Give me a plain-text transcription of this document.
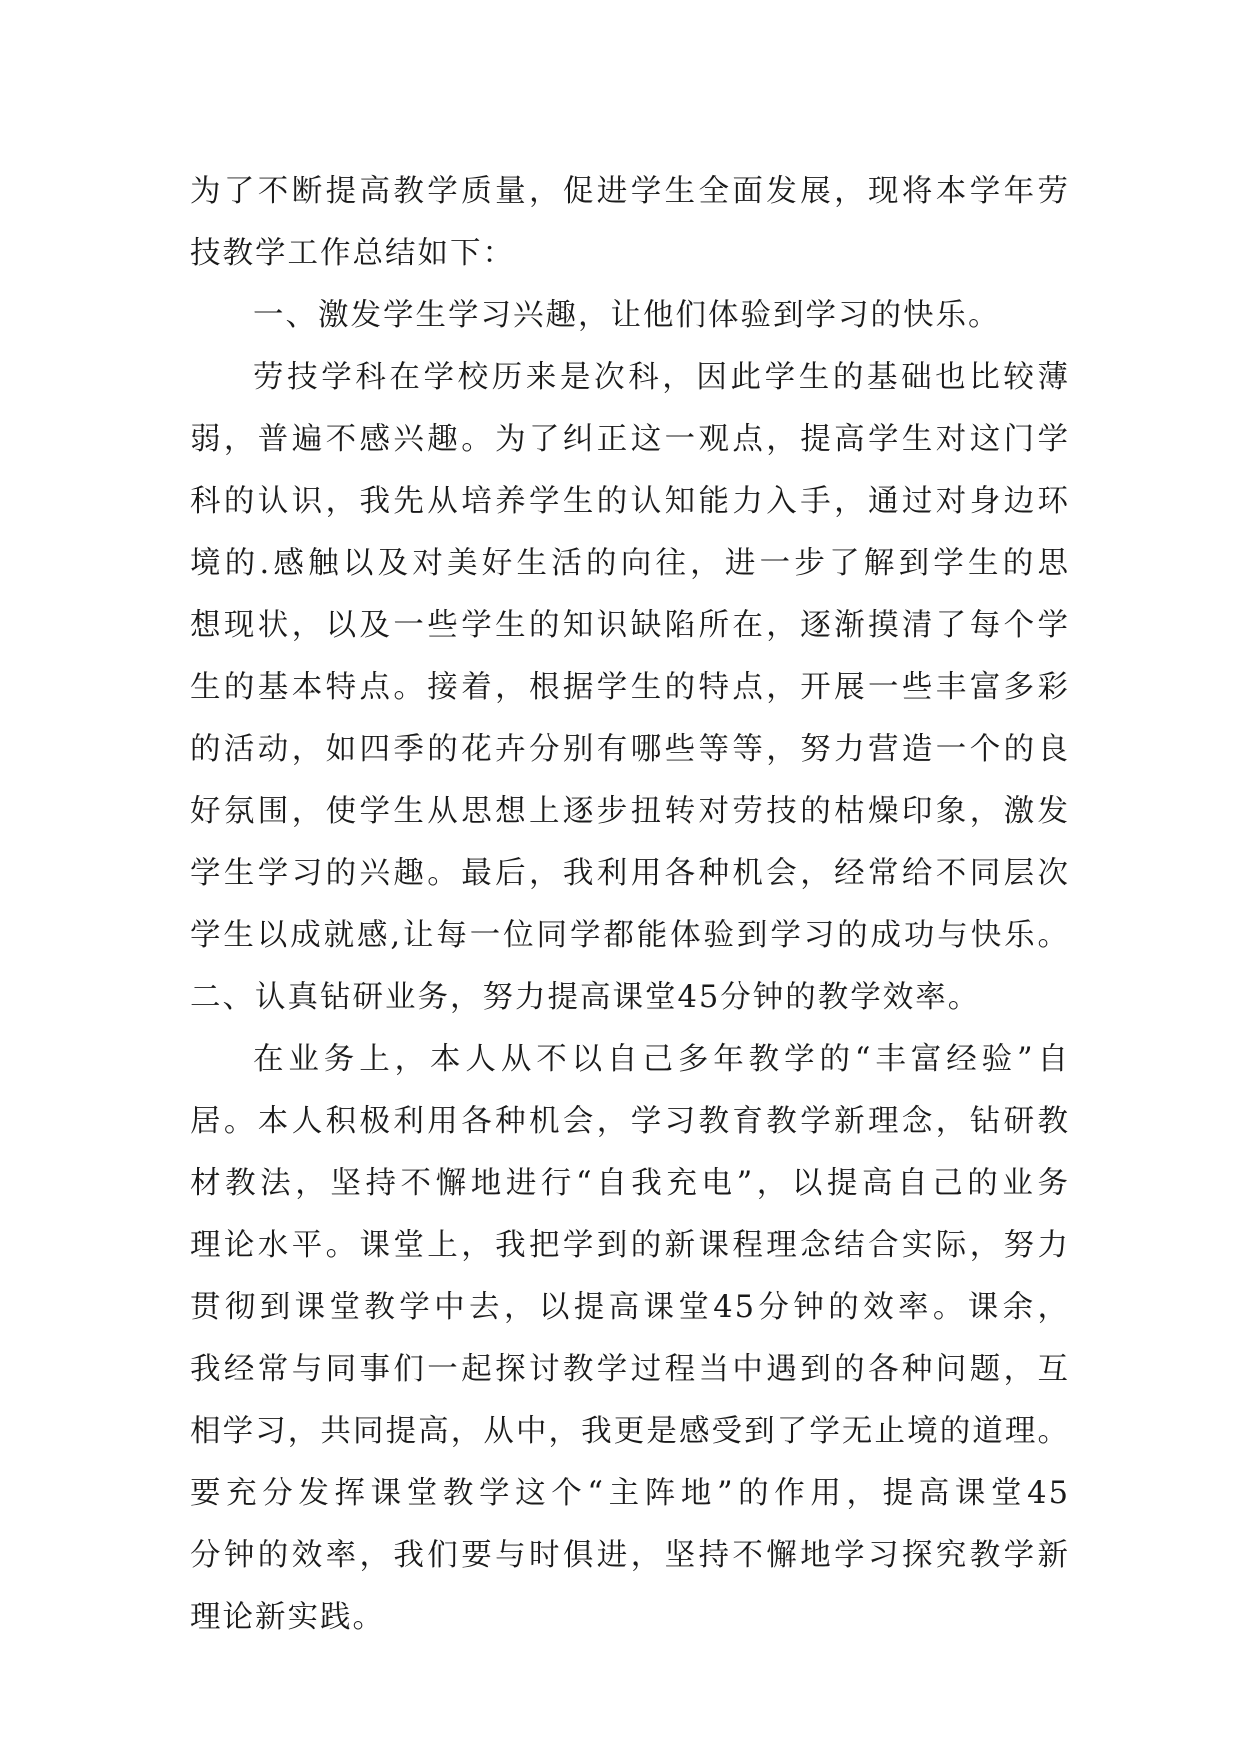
为了不断提高教学质量，促进学生全面发展，现将本学年劳
技教学工作总结如下：
一、激发学生学习兴趣，让他们体验到学习的快乐。
劳技学科在学校历来是次科，因此学生的基础也比较薄
弱，普遍不感兴趣。为了纠正这一观点，提高学生对这门学
科的认识，我先从培养学生的认知能力入手，通过对身边环
境的.感触以及对美好生活的向往，进一步了解到学生的思
想现状，以及一些学生的知识缺陷所在，逐渐摸清了每个学
生的基本特点。接着，根据学生的特点，开展一些丰富多彩
的活动，如四季的花卉分别有哪些等等，努力营造一个的良
好氛围，使学生从思想上逐步扭转对劳技的枯燥印象，激发
学生学习的兴趣。最后，我利用各种机会，经常给不同层次
学生以成就感,让每一位同学都能体验到学习的成功与快乐。
二、认真钻研业务，努力提高课堂45分钟的教学效率。
在业务上，本人从不以自己多年教学的“丰富经验”自
居。本人积极利用各种机会，学习教育教学新理念，钻研教
材教法，坚持不懈地进行“自我充电”，以提高自己的业务
理论水平。课堂上，我把学到的新课程理念结合实际，努力
贯彻到课堂教学中去，以提高课堂45分钟的效率。课余，
我经常与同事们一起探讨教学过程当中遇到的各种问题，互
相学习，共同提高，从中，我更是感受到了学无止境的道理。
要充分发挥课堂教学这个“主阵地”的作用，提高课堂45
分钟的效率，我们要与时俱进，坚持不懈地学习探究教学新
理论新实践。
